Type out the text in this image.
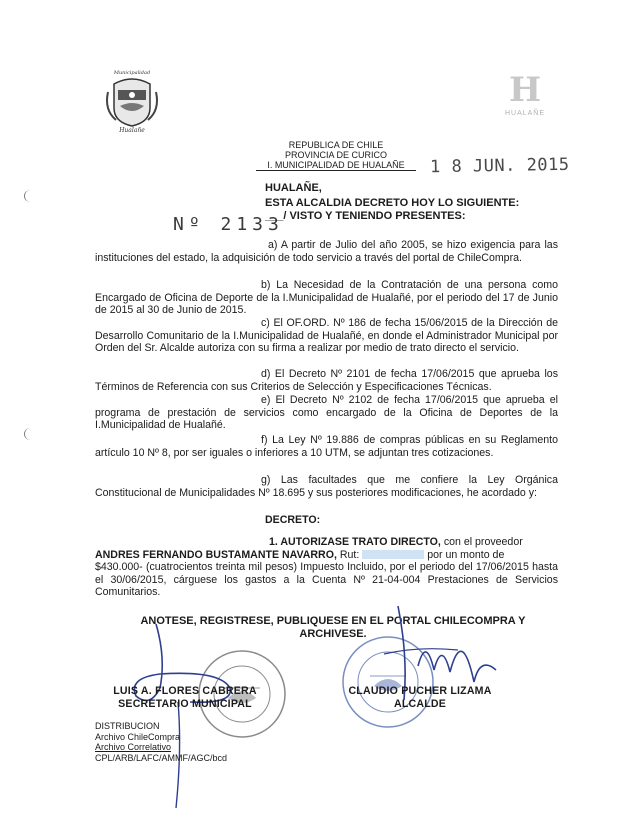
Municipalidad
Hualañe
H
HUALAÑE
REPUBLICA DE CHILE
PROVINCIA DE CURICO
I. MUNICIPALIDAD DE HUALAÑE	1 8 JUN. 2015
Nº 2133
HUALAÑE,
ESTA ALCALDIA DECRETO HOY LO SIGUIENTE:
___/ VISTO Y TENIENDO PRESENTES:
a) A partir de Julio del año 2005, se hizo exigencia para las instituciones del estado, la adquisición de todo servicio a través del portal de ChileCompra.
b) La Necesidad de la Contratación de una persona como Encargado de Oficina de Deporte de la I.Municipalidad de Hualañé, por el periodo del 17 de Junio de 2015 al 30 de Junio de 2015.
c) El OF.ORD. Nº 186 de fecha 15/06/2015 de la Dirección de Desarrollo Comunitario de la I.Municipalidad de Hualañé, en donde el Administrador Municipal por Orden del Sr. Alcalde autoriza con su firma a realizar por medio de trato directo el servicio.
d) El Decreto Nº 2101 de fecha 17/06/2015 que aprueba los Términos de Referencia con sus Criterios de Selección y Especificaciones Técnicas.
e) El Decreto Nº 2102 de fecha 17/06/2015 que aprueba el programa de prestación de servicios como encargado de la Oficina de Deportes de la I.Municipalidad de Hualañé.
f) La Ley Nº 19.886 de compras públicas en su Reglamento artículo 10 Nº 8, por ser iguales o inferiores a 10 UTM, se adjuntan tres cotizaciones.
g) Las facultades que me confiere la Ley Orgánica Constitucional de Municipalidades Nº 18.695 y sus posteriores modificaciones, he acordado y:
DECRETO:
1. AUTORIZASE TRATO DIRECTO, con el proveedor
ANDRES FERNANDO BUSTAMANTE NAVARRO, Rut:	por un monto de
$430.000- (cuatrocientos treinta mil pesos) Impuesto Incluido, por el periodo del 17/06/2015 hasta el 30/06/2015, cárguese los gastos a la Cuenta Nº 21-04-004 Prestaciones de Servicios Comunitarios.
ANOTESE, REGISTRESE, PUBLIQUESE EN EL PORTAL CHILECOMPRA Y
ARCHIVESE.
LUIS A. FLORES CABRERA
SECRETARIO MUNICIPAL
CLAUDIO PUCHER LIZAMA
ALCALDE
DISTRIBUCION
Archivo ChileCompra
Archivo Correlativo
CPL/ARB/LAFC/AMMF/AGC/bcd
